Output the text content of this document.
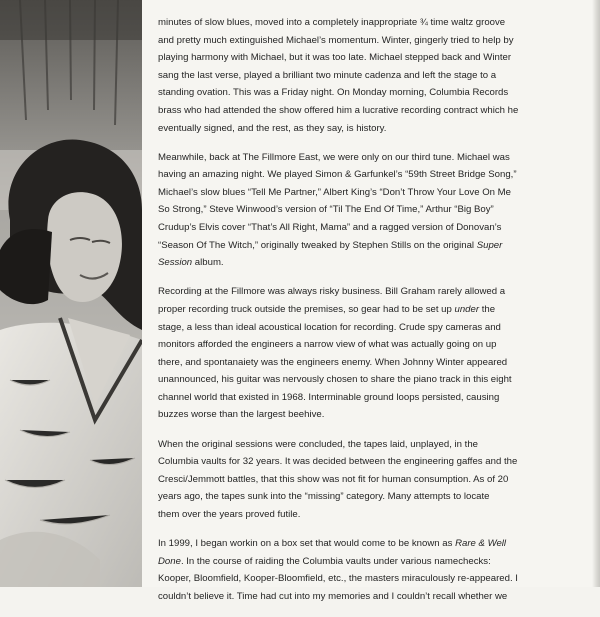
minutes of slow blues, moved into a completely inappropriate ¾ time waltz groove
and pretty much extinguished Michael’s momentum. Winter, gingerly tried to help by
playing harmony with Michael, but it was too late. Michael stepped back and Winter
sang the last verse, played a brilliant two minute cadenza and left the stage to a
standing ovation. This was a Friday night. On Monday morning, Columbia Records
brass who had attended the show offered him a lucrative recording contract which he
eventually signed, and the rest, as they say, is history.

Meanwhile, back at The Fillmore East, we were only on our third tune. Michael was
having an amazing night. We played Simon & Garfunkel’s “59th Street Bridge Song,”
Michael’s slow blues “Tell Me Partner,” Albert King’s “Don’t Throw Your Love On Me
So Strong,” Steve Winwood’s version of “Til The End Of Time,” Arthur “Big Boy”
Crudup’s Elvis cover “That’s All Right, Mama” and a ragged version of Donovan’s
“Season Of The Witch,” originally tweaked by Stephen Stills on the original Super
Session album.

Recording at the Fillmore was always risky business. Bill Graham rarely allowed a
proper recording truck outside the premises, so gear had to be set up under the
stage, a less than ideal acoustical location for recording. Crude spy cameras and
monitors afforded the engineers a narrow view of what was actually going on up
there, and spontanaiety was the engineers enemy. When Johnny Winter appeared
unannounced, his guitar was nervously chosen to share the piano track in this eight
channel world that existed in 1968. Interminable ground loops persisted, causing
buzzes worse than the largest beehive.

When the original sessions were concluded, the tapes laid, unplayed, in the
Columbia vaults for 32 years. It was decided between the engineering gaffes and the
Cresci/Jemmott battles, that this show was not fit for human consumption. As of 20
years ago, the tapes sunk into the “missing” category. Many attempts to locate
them over the years proved futile.

In 1999, I began workin on a box set that would come to be known as Rare & Well
Done. In the course of raiding the Columbia vaults under various namechecks:
Kooper, Bloomfield, Kooper-Bloomfield, etc., the masters miraculously re-appeared. I
couldn’t believe it. Time had cut into my memories and I couldn’t recall whether we
